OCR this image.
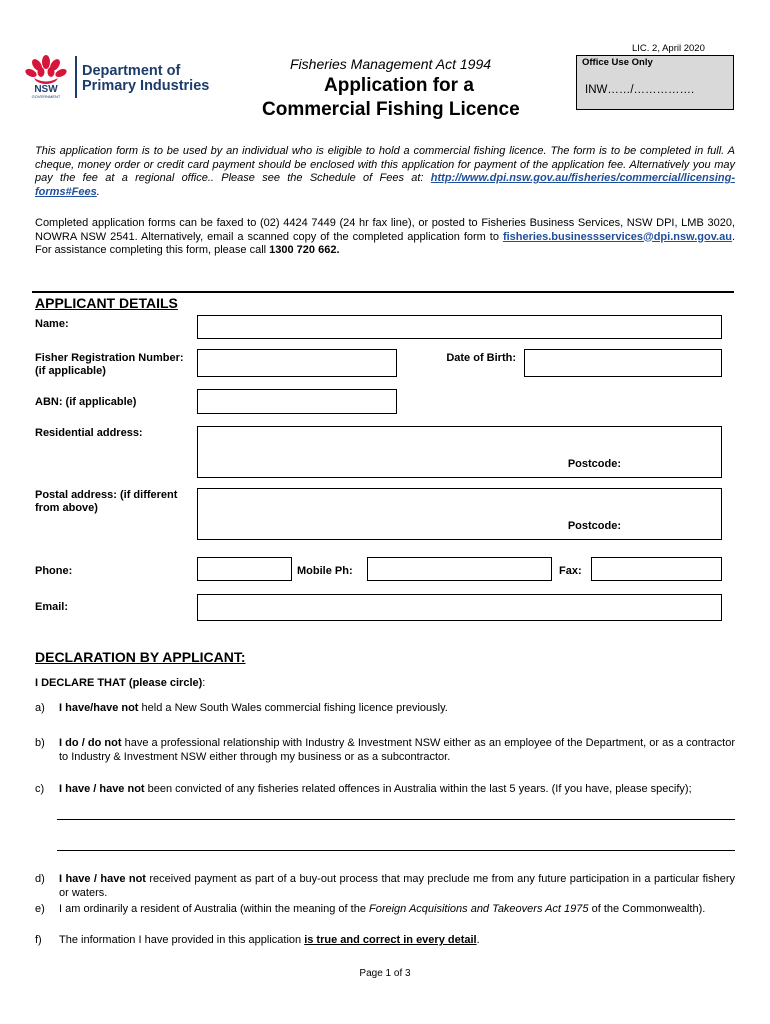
NSW
GOVERNMENT
Department of
Primary Industries
Fisheries Management Act 1994
Application for a
Commercial Fishing Licence
LIC. 2, April 2020
Office Use Only
INW……/…………….
This application form is to be used by an individual who is eligible to hold a commercial fishing licence. The form is to be completed in full. A cheque, money order or credit card payment should be enclosed with this application for payment of the application fee. Alternatively you may pay the fee at a regional office.. Please see the Schedule of Fees at: http://www.dpi.nsw.gov.au/fisheries/commercial/licensing-forms#Fees.
Completed application forms can be faxed to (02) 4424 7449 (24 hr fax line), or posted to Fisheries Business Services, NSW DPI, LMB 3020, NOWRA NSW 2541. Alternatively, email a scanned copy of the completed application form to fisheries.businessservices@dpi.nsw.gov.au. For assistance completing this form, please call 1300 720 662.
APPLICANT DETAILS
Name:
Fisher Registration Number: (if applicable)
Date of Birth:
ABN: (if applicable)
Residential address:
Postcode:
Postal address: (if different from above)
Postcode:
Phone:	Mobile Ph:	Fax:
Email:
DECLARATION BY APPLICANT:
I DECLARE THAT (please circle):
a)	I have/have not held a New South Wales commercial fishing licence previously.
b)	I do / do not have a professional relationship with Industry & Investment NSW either as an employee of the Department, or as a contractor to Industry & Investment NSW either through my business or as a subcontractor.
c)	I have / have not been convicted of any fisheries related offences in Australia within the last 5 years. (If you have, please specify);
d)	I have / have not received payment as part of a buy-out process that may preclude me from any future participation in a particular fishery or waters.
e)	I am ordinarily a resident of Australia (within the meaning of the Foreign Acquisitions and Takeovers Act 1975 of the Commonwealth).
f)	The information I have provided in this application is true and correct in every detail.
Page 1 of 3
